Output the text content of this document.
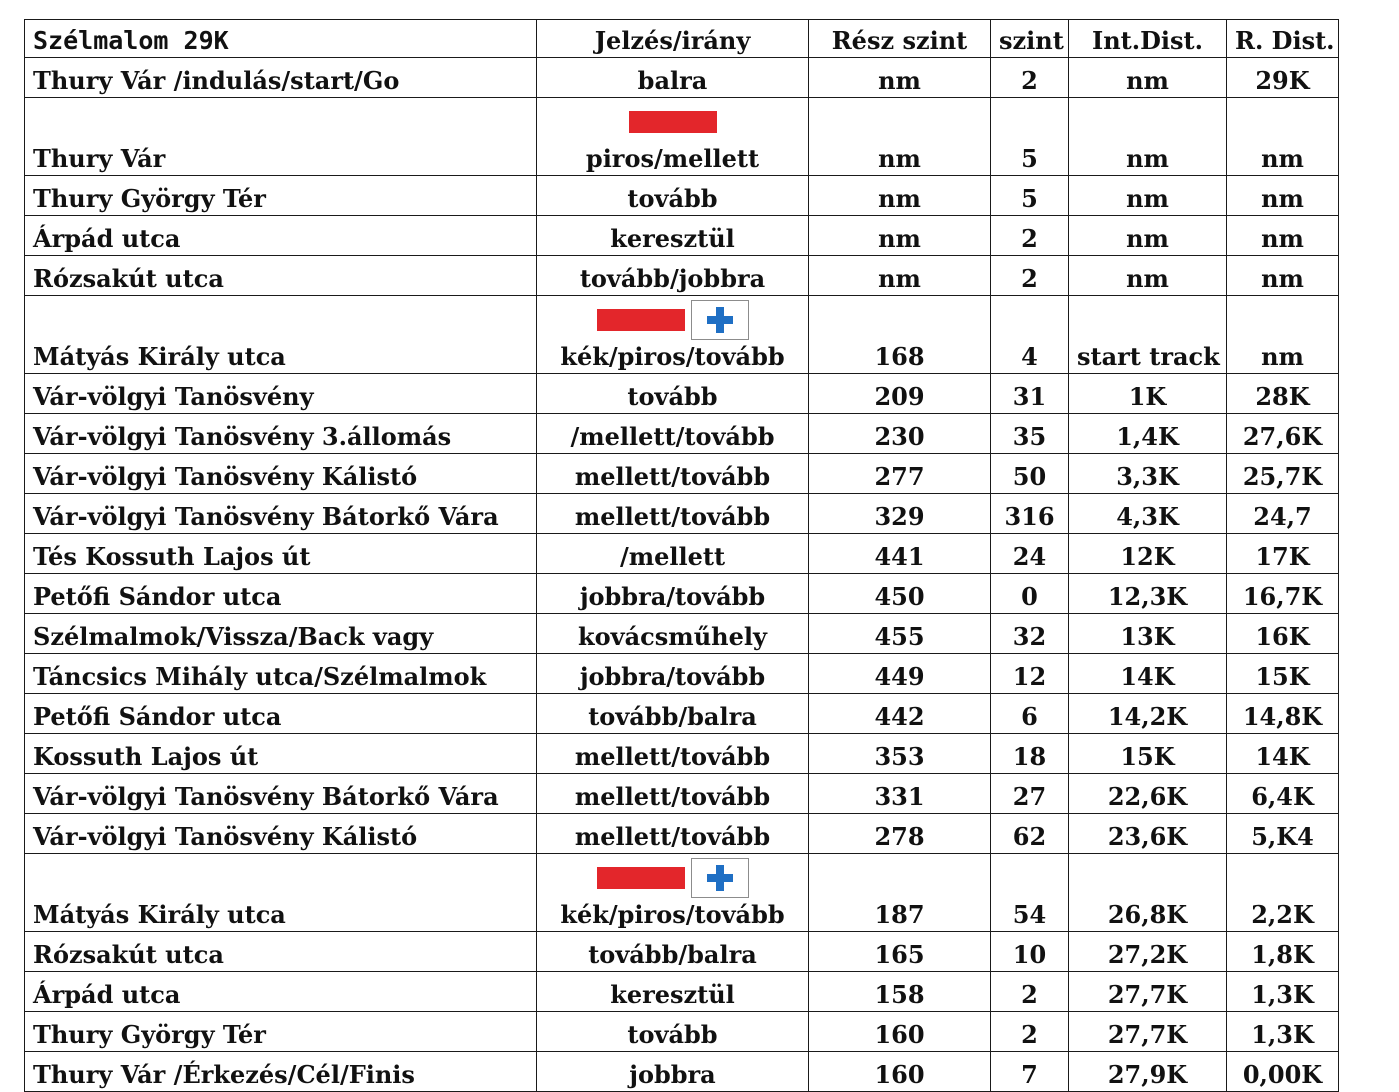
Szélmalom 29K	Jelzés/irány	Rész szint	szint	Int.Dist.	R. Dist.
Thury Vár /indulás/start/Go	balra	nm	2	nm	29K
Thury Vár	piros/mellett	nm	5	nm	nm
Thury György Tér	tovább	nm	5	nm	nm
Árpád utca	keresztül	nm	2	nm	nm
Rózsakút utca	tovább/jobbra	nm	2	nm	nm
Mátyás Király utca	kék/piros/tovább	168	4	start track	nm
Vár-völgyi Tanösvény	tovább	209	31	1K	28K
Vár-völgyi Tanösvény 3.állomás	/mellett/tovább	230	35	1,4K	27,6K
Vár-völgyi Tanösvény Kálistó	mellett/tovább	277	50	3,3K	25,7K
Vár-völgyi Tanösvény Bátorkő Vára	mellett/tovább	329	316	4,3K	24,7
Tés Kossuth Lajos út	/mellett	441	24	12K	17K
Petőfi Sándor utca	jobbra/tovább	450	0	12,3K	16,7K
Szélmalmok/Vissza/Back vagy	kovácsműhely	455	32	13K	16K
Táncsics Mihály utca/Szélmalmok	jobbra/tovább	449	12	14K	15K
Petőfi Sándor utca	tovább/balra	442	6	14,2K	14,8K
Kossuth Lajos út	mellett/tovább	353	18	15K	14K
Vár-völgyi Tanösvény Bátorkő Vára	mellett/tovább	331	27	22,6K	6,4K
Vár-völgyi Tanösvény Kálistó	mellett/tovább	278	62	23,6K	5,K4
Mátyás Király utca	kék/piros/tovább	187	54	26,8K	2,2K
Rózsakút utca	tovább/balra	165	10	27,2K	1,8K
Árpád utca	keresztül	158	2	27,7K	1,3K
Thury György Tér	tovább	160	2	27,7K	1,3K
Thury Vár /Érkezés/Cél/Finis	jobbra	160	7	27,9K	0,00K
